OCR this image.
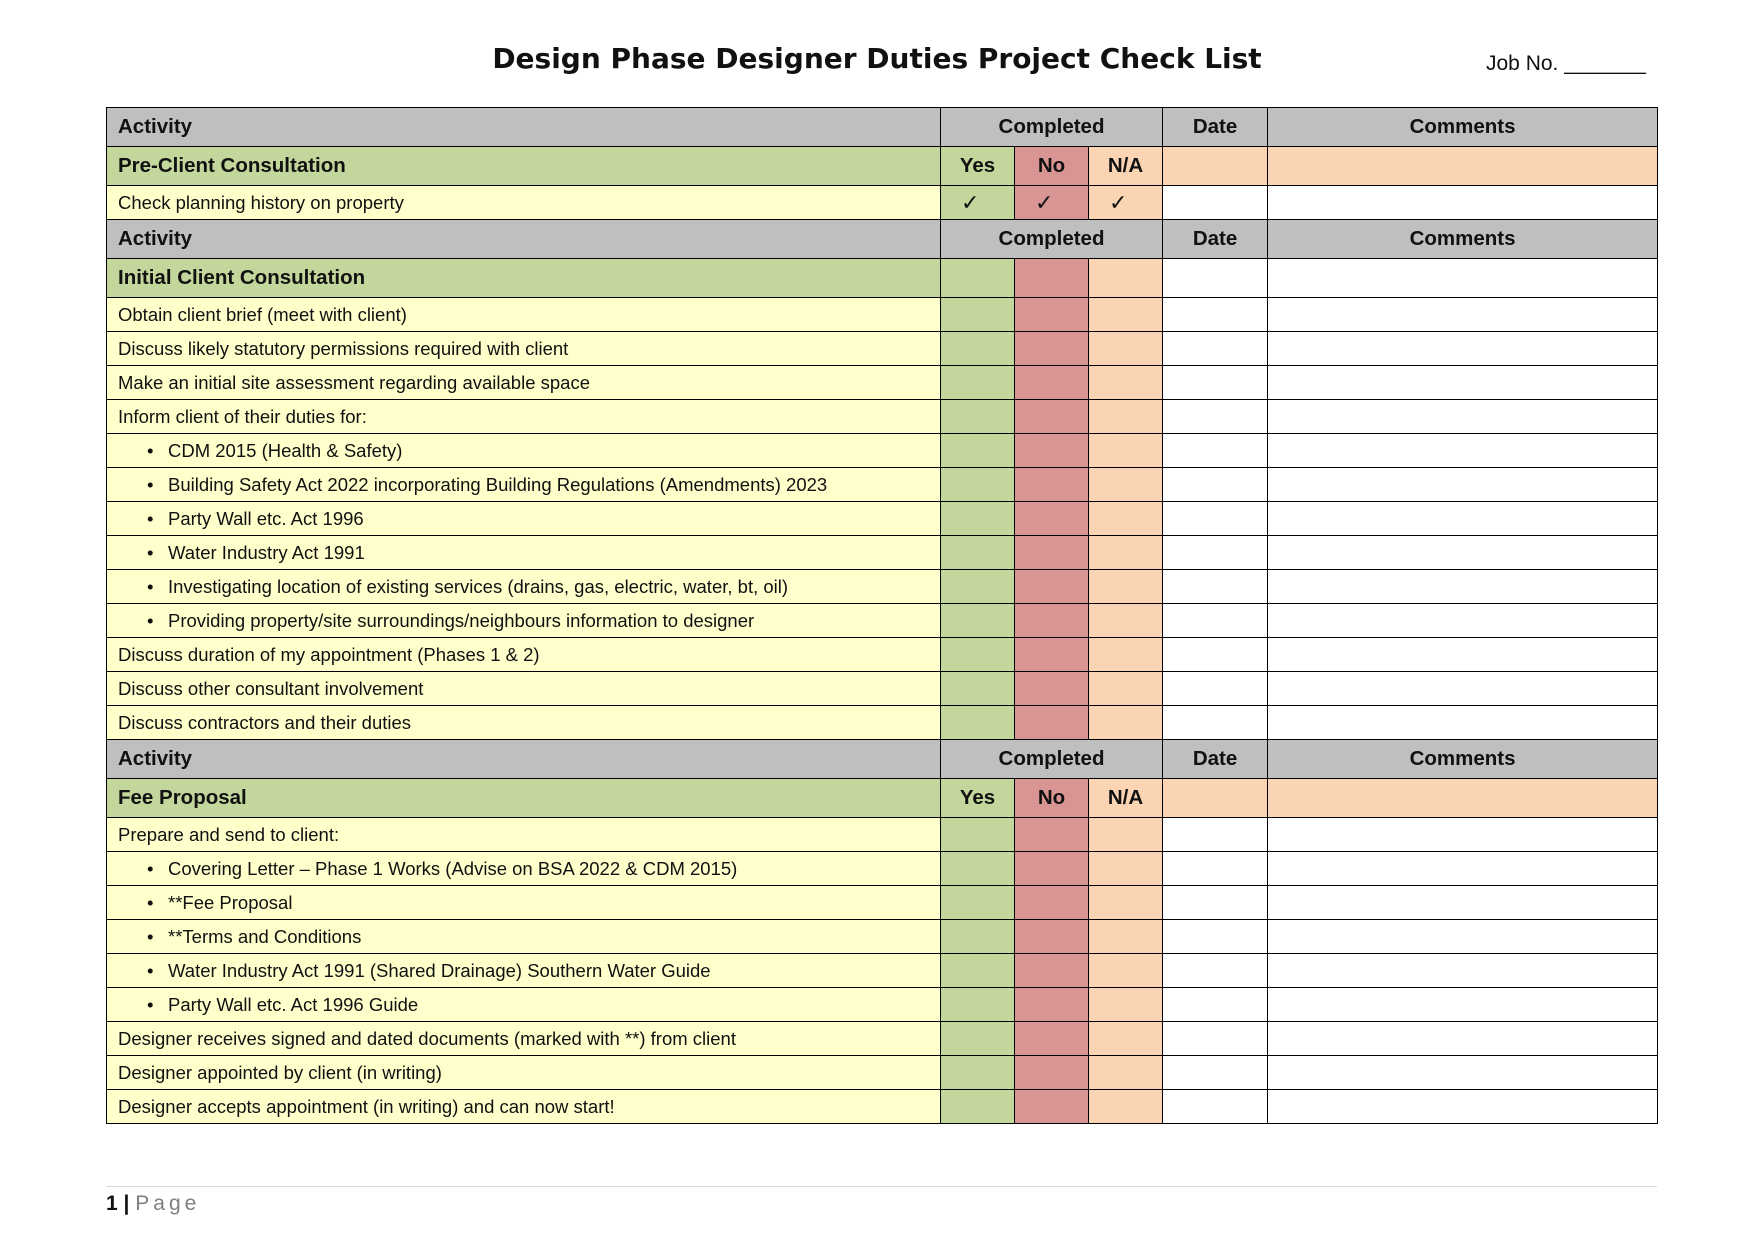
Design Phase Designer Duties Project Check List	Job No. _______
Activity	Completed			Date	Comments
Pre-Client Consultation	Yes	No	N/A		
Check planning history on property	✓	✓	✓		
Activity	Completed			Date	Comments
Initial Client Consultation					
Obtain client brief (meet with client)					
Discuss likely statutory permissions required with client					
Make an initial site assessment regarding available space					
Inform client of their duties for:					
• CDM 2015 (Health & Safety)					
• Building Safety Act 2022 incorporating Building Regulations (Amendments) 2023					
• Party Wall etc. Act 1996					
• Water Industry Act 1991					
• Investigating location of existing services (drains, gas, electric, water, bt, oil)					
• Providing property/site surroundings/neighbours information to designer					
Discuss duration of my appointment (Phases 1 & 2)					
Discuss other consultant involvement					
Discuss contractors and their duties					
Activity	Completed			Date	Comments
Fee Proposal	Yes	No	N/A		
Prepare and send to client:					
• Covering Letter – Phase 1 Works (Advise on BSA 2022 & CDM 2015)					
• **Fee Proposal					
• **Terms and Conditions					
• Water Industry Act 1991 (Shared Drainage) Southern Water Guide					
• Party Wall etc. Act 1996 Guide					
Designer receives signed and dated documents (marked with **) from client					
Designer appointed by client (in writing)					
Designer accepts appointment (in writing) and can now start!					
1 | Page
